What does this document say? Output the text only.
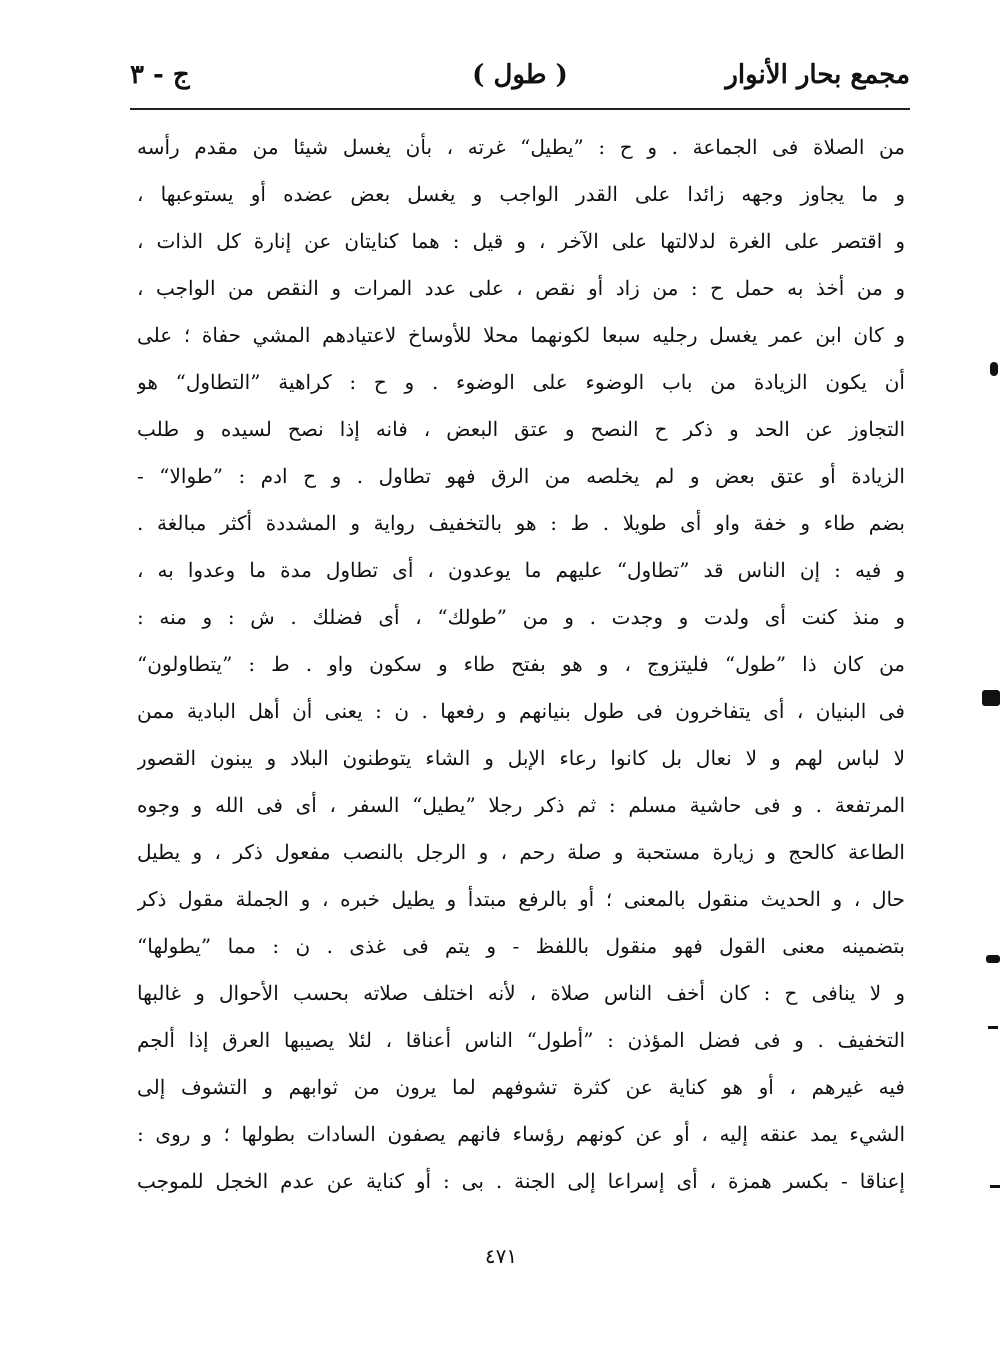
مجمع بحار الأنوار
( طول )
ج - ٣
من الصلاة فى الجماعة . و ح : ”يطيل“ غرته ، بأن يغسل شيئا من مقدم رأسه
و ما يجاوز وجهه زائدا على القدر الواجب و يغسل بعض عضده أو يستوعبها ،
و اقتصر على الغرة لدلالتها على الآخر ، و قيل : هما كنايتان عن إنارة كل الذات ،
و من أخذ به حمل ح : من زاد أو نقص ، على عدد المرات و النقص من الواجب ،
و كان ابن عمر يغسل رجليه سبعا لكونهما محلا للأوساخ لاعتيادهم المشي حفاة ؛ على
أن يكون الزيادة من باب الوضوء على الوضوء . و ح : كراهية ”التطاول“ هو
التجاوز عن الحد و ذكر ح النصح و عتق البعض ، فانه إذا نصح لسيده و طلب
الزيادة أو عتق بعض و لم يخلصه من الرق فهو تطاول . و ح ادم : ”طوالا“ -
بضم طاء و خفة واو أى طويلا . ط : هو بالتخفيف رواية و المشددة أكثر مبالغة .
و فيه : إن الناس قد ”تطاول“ عليهم ما يوعدون ، أى تطاول مدة ما وعدوا به ،
و منذ كنت أى ولدت و وجدت . و من ”طولك“ ، أى فضلك . ش : و منه :
من كان ذا ”طول“ فليتزوج ، و هو بفتح طاء و سكون واو . ط : ”يتطاولون“
فى البنيان ، أى يتفاخرون فى طول بنيانهم و رفعها . ن : يعنى أن أهل البادية ممن
لا لباس لهم و لا نعال بل كانوا رعاء الإبل و الشاء يتوطنون البلاد و يبنون القصور
المرتفعة . و فى حاشية مسلم : ثم ذكر رجلا ”يطيل“ السفر ، أى فى الله و وجوه
الطاعة كالحج و زيارة مستحبة و صلة رحم ، و الرجل بالنصب مفعول ذكر ، و يطيل
حال ، و الحديث منقول بالمعنى ؛ أو بالرفع مبتدأ و يطيل خبره ، و الجملة مقول ذكر
بتضمينه معنى القول فهو منقول باللفظ - و يتم فى غذى . ن : مما ”يطولها“
و لا ينافى ح : كان أخف الناس صلاة ، لأنه اختلف صلاته بحسب الأحوال و غالبها
التخفيف . و فى فضل المؤذن : ”أطول“ الناس أعناقا ، لئلا يصيبها العرق إذا ألجم
فيه غيرهم ، أو هو كناية عن كثرة تشوفهم لما يرون من ثوابهم و التشوف إلى
الشيء يمد عنقه إليه ، أو عن كونهم رؤساء فانهم يصفون السادات بطولها ؛ و روى :
إعناقا - بكسر همزة ، أى إسراعا إلى الجنة . بى : أو كناية عن عدم الخجل للموجب
٤٧١
